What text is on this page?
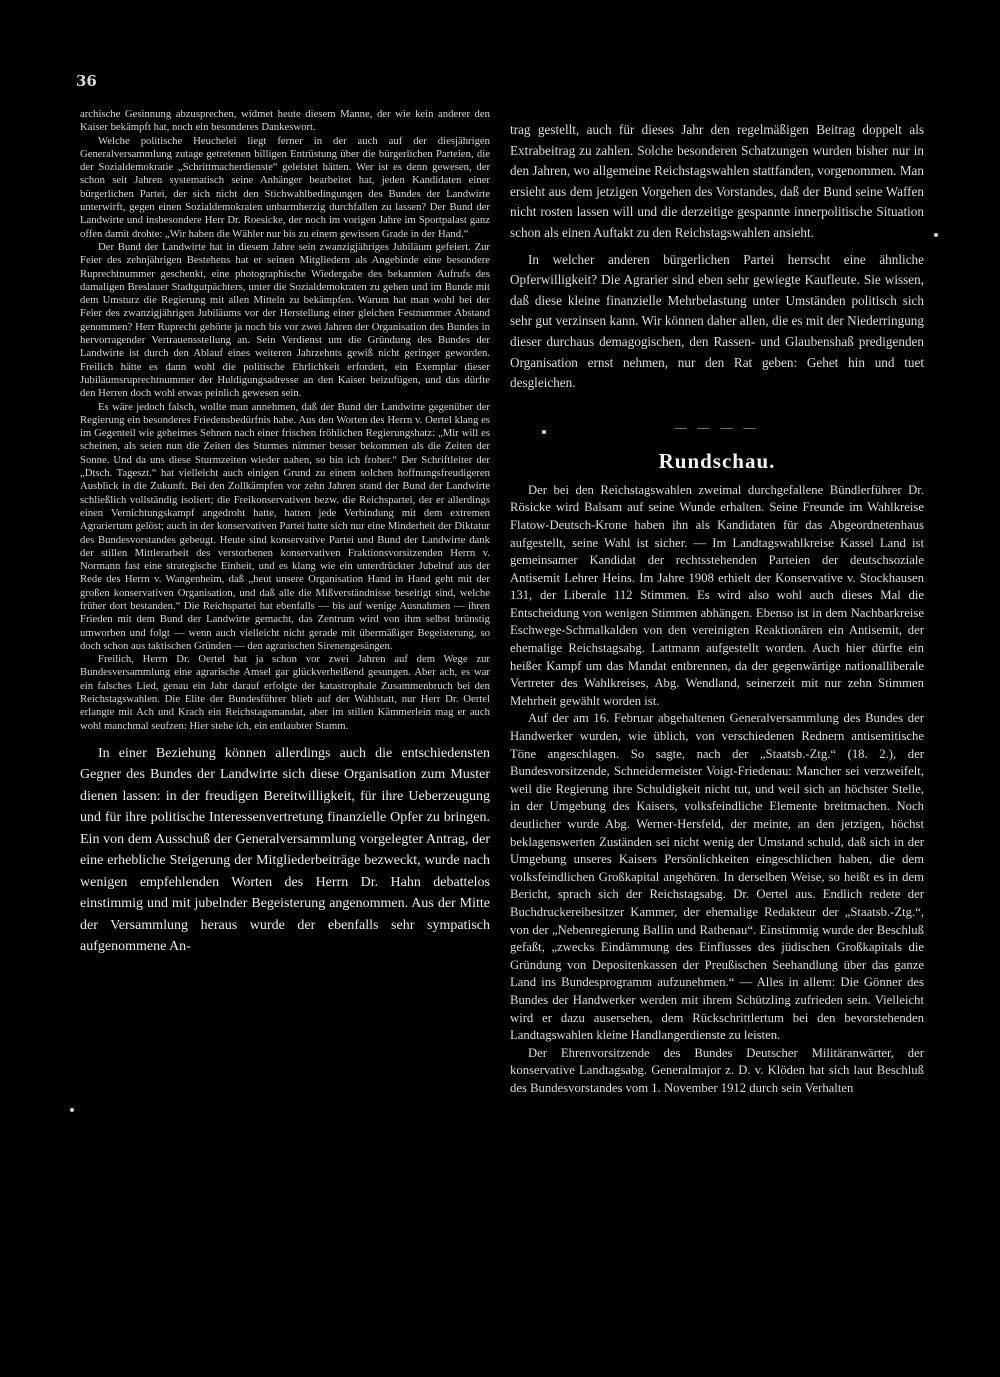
36

archische Gesinnung abzusprechen, widmet heute diesem Manne, der wie kein anderer den Kaiser bekämpft hat, noch ein besonderes Dankeswort.

Welche politische Heuchelei liegt ferner in der auch auf der diesjährigen Generalversammlung zutage getretenen billigen Entrüstung über die bürgerlichen Parteien, die der Sozialdemokratie „Schrittmacherdienste“ geleistet hätten. Wer ist es denn gewesen, der schon seit Jahren systematisch seine Anhänger bearbeitet hat, jeden Kandidaten einer bürgerlichen Partei, der sich nicht den Stichwahlbedingungen des Bundes der Landwirte unterwirft, gegen einen Sozialdemokraten unbarmherzig durchfallen zu lassen? Der Bund der Landwirte und insbesondere Herr Dr. Roesicke, der noch im vorigen Jahre im Sportpalast ganz offen damit drohte: „Wir haben die Wähler nur bis zu einem gewissen Grade in der Hand.“

Der Bund der Landwirte hat in diesem Jahre sein zwanzigjähriges Jubiläum gefeiert. Zur Feier des zehnjährigen Bestehens hat er seinen Mitgliedern als Angebinde eine besondere Ruprechtnummer geschenkt, eine photographische Wiedergabe des bekannten Aufrufs des damaligen Breslauer Stadtgutpächters, unter die Sozialdemokraten zu gehen und im Bunde mit dem Umsturz die Regierung mit allen Mitteln zu bekämpfen. Warum hat man wohl bei der Feier des zwanzigjährigen Jubiläums vor der Herstellung einer gleichen Festnummer Abstand genommen? Herr Ruprecht gehörte ja noch bis vor zwei Jahren der Organisation des Bundes in hervorragender Vertrauensstellung an. Sein Verdienst um die Gründung des Bundes der Landwirte ist durch den Ablauf eines weiteren Jahrzehnts gewiß nicht geringer geworden. Freilich hätte es dann wohl die politische Ehrlichkeit erfordert, ein Exemplar dieser Jubiläumsruprechtnummer der Huldigungsadresse an den Kaiser beizufügen, und das dürfte den Herren doch wohl etwas peinlich gewesen sein.

Es wäre jedoch falsch, wollte man annehmen, daß der Bund der Landwirte gegenüber der Regierung ein besonderes Friedensbedürfnis habe. Aus den Worten des Herrn v. Oertel klang es im Gegenteil wie geheimes Sehnen nach einer frischen fröhlichen Regierungshatz: „Mir will es scheinen, als seien nun die Zeiten des Sturmes nimmer besser bekommen als die Zeiten der Sonne. Und da uns diese Sturmzeiten wieder nahen, so bin ich froher.“ Der Schriftleiter der „Dtsch. Tageszt.“ hat vielleicht auch einigen Grund zu einem solchen hoffnungsfreudigeren Ausblick in die Zukunft. Bei den Zollkämpfen vor zehn Jahren stand der Bund der Landwirte schließlich vollständig isoliert; die Freikonservativen bezw. die Reichspartei, der er allerdings einen Vernichtungskampf angedroht hatte, hatten jede Verbindung mit dem extremen Agrariertum gelöst; auch in der konservativen Partei hatte sich nur eine Minderheit der Diktatur des Bundesvorstandes gebeugt. Heute sind konservative Partei und Bund der Landwirte dank der stillen Mittlerarbeit des verstorbenen konservativen Fraktionsvorsitzenden Herrn v. Normann fast eine strategische Einheit, und es klang wie ein unterdrückter Jubelruf aus der Rede des Herrn v. Wangenheim, daß „heut unsere Organisation Hand in Hand geht mit der großen konservativen Organisation, und daß alle die Mißverständnisse beseitigt sind, welche früher dort bestanden.“ Die Reichspartei hat ebenfalls — bis auf wenige Ausnahmen — ihren Frieden mit dem Bund der Landwirte gemacht, das Zentrum wird von ihm selbst brünstig umworben und folgt — wenn auch vielleicht nicht gerade mit übermäßiger Begeisterung, so doch schon aus taktischen Gründen — den agrarischen Sirenengesängen.

Freilich, Herrn Dr. Oertel hat ja schon vor zwei Jahren auf dem Wege zur Bundesversammlung eine agrarische Amsel gar glückverheißend gesungen. Aber ach, es war ein falsches Lied, genau ein Jahr darauf erfolgte der katastrophale Zusammenbruch bei den Reichstagswahlen. Die Elite der Bundesführer blieb auf der Wahlstatt, nur Herr Dr. Oertel erlangte mit Ach und Krach ein Reichstagsmandat, aber im stillen Kämmerlein mag er auch wohl manchmal seufzen: Hier stehe ich, ein entlaubter Stamm.

In einer Beziehung können allerdings auch die entschiedensten Gegner des Bundes der Landwirte sich diese Organisation zum Muster dienen lassen: in der freudigen Bereitwilligkeit, für ihre Ueberzeugung und für ihre politische Interessenvertretung finanzielle Opfer zu bringen. Ein von dem Ausschuß der Generalversammlung vorgelegter Antrag, der eine erhebliche Steigerung der Mitgliederbeiträge bezweckt, wurde nach wenigen empfehlenden Worten des Herrn Dr. Hahn debattelos einstimmig und mit jubelnder Begeisterung angenommen. Aus der Mitte der Versammlung heraus wurde der ebenfalls sehr sympatisch aufgenommene An-

trag gestellt, auch für dieses Jahr den regelmäßigen Beitrag doppelt als Extrabeitrag zu zahlen. Solche besonderen Schatzungen wurden bisher nur in den Jahren, wo allgemeine Reichstagswahlen stattfanden, vorgenommen. Man ersieht aus dem jetzigen Vorgehen des Vorstandes, daß der Bund seine Waffen nicht rosten lassen will und die derzeitige gespannte innerpolitische Situation schon als einen Auftakt zu den Reichstagswahlen ansieht.

In welcher anderen bürgerlichen Partei herrscht eine ähnliche Opferwilligkeit? Die Agrarier sind eben sehr gewiegte Kaufleute. Sie wissen, daß diese kleine finanzielle Mehrbelastung unter Umständen politisch sich sehr gut verzinsen kann. Wir können daher allen, die es mit der Niederringung dieser durchaus demagogischen, den Rassen- und Glaubenshaß predigenden Organisation ernst nehmen, nur den Rat geben: Gehet hin und tuet desgleichen.

— — — —
Rundschau.

Der bei den Reichstagswahlen zweimal durchgefallene Bündlerführer Dr. Rösicke wird Balsam auf seine Wunde erhalten. Seine Freunde im Wahlkreise Flatow-Deutsch-Krone haben ihn als Kandidaten für das Abgeordnetenhaus aufgestellt, seine Wahl ist sicher. — Im Landtagswahlkreise Kassel Land ist gemeinsamer Kandidat der rechtsstehenden Parteien der deutschsoziale Antisemit Lehrer Heins. Im Jahre 1908 erhielt der Konservative v. Stockhausen 131, der Liberale 112 Stimmen. Es wird also wohl auch dieses Mal die Entscheidung von wenigen Stimmen abhängen. Ebenso ist in dem Nachbarkreise Eschwege-Schmalkalden von den vereinigten Reaktionären ein Antisemit, der ehemalige Reichstagsabg. Lattmann aufgestellt worden. Auch hier dürfte ein heißer Kampf um das Mandat entbrennen, da der gegenwärtige nationalliberale Vertreter des Wahlkreises, Abg. Wendland, seinerzeit mit nur zehn Stimmen Mehrheit gewählt worden ist.

Auf der am 16. Februar abgehaltenen Generalversammlung des Bundes der Handwerker wurden, wie üblich, von verschiedenen Rednern antisemitische Töne angeschlagen. So sagte, nach der „Staatsb.-Ztg.“ (18. 2.), der Bundesvorsitzende, Schneidermeister Voigt-Friedenau: Mancher sei verzweifelt, weil die Regierung ihre Schuldigkeit nicht tut, und weil sich an höchster Stelle, in der Umgebung des Kaisers, volksfeindliche Elemente breitmachen. Noch deutlicher wurde Abg. Werner-Hersfeld, der meinte, an den jetzigen, höchst beklagenswerten Zuständen sei nicht wenig der Umstand schuld, daß sich in der Umgebung unseres Kaisers Persönlichkeiten eingeschlichen haben, die dem volksfeindlichen Großkapital angehören. In derselben Weise, so heißt es in dem Bericht, sprach sich der Reichstagsabg. Dr. Oertel aus. Endlich redete der Buchdruckereibesitzer Kammer, der ehemalige Redakteur der „Staatsb.-Ztg.“, von der „Nebenregierung Ballin und Rathenau“. Einstimmig wurde der Beschluß gefaßt, „zwecks Eindämmung des Einflusses des jüdischen Großkapitals die Gründung von Depositenkassen der Preußischen Seehandlung über das ganze Land ins Bundesprogramm aufzunehmen.“ — Alles in allem: Die Gönner des Bundes der Handwerker werden mit ihrem Schützling zufrieden sein. Vielleicht wird er dazu ausersehen, dem Rückschrittlertum bei den bevorstehenden Landtagswahlen kleine Handlangerdienste zu leisten.

Der Ehrenvorsitzende des Bundes Deutscher Militäranwärter, der konservative Landtagsabg. Generalmajor z. D. v. Klöden hat sich laut Beschluß des Bundesvorstandes vom 1. November 1912 durch sein Verhalten
